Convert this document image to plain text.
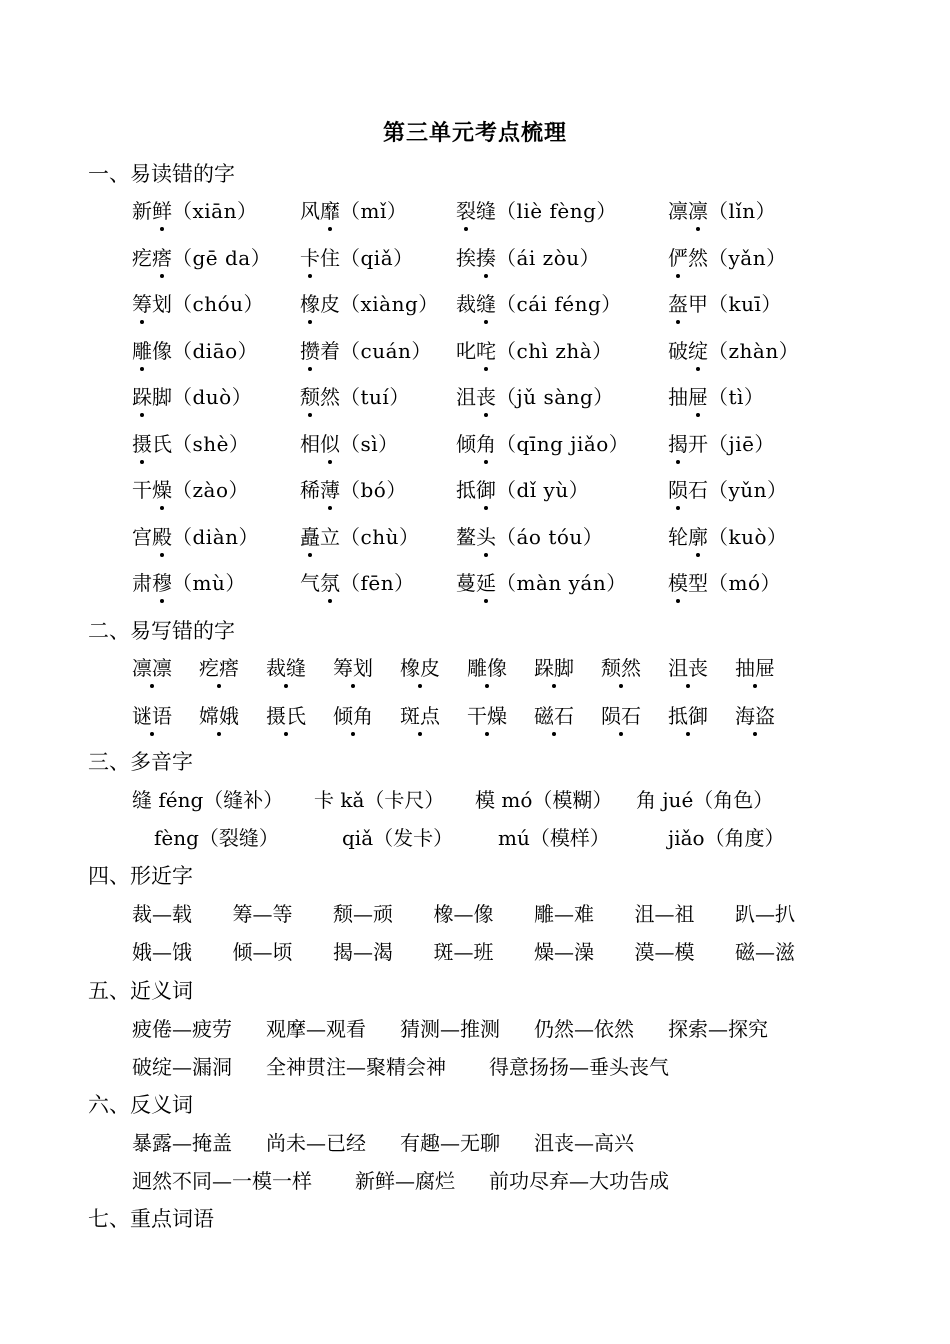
第三单元考点梳理
一、易读错的字
新鲜（xiān） 风靡（mǐ） 裂缝（liè fèng）	凛凛（lǐn）
疙瘩（gē da） 卡住（qiǎ） 挨揍（ái zòu）	俨然（yǎn）
筹划（chóu） 橡皮（xiàng） 裁缝（cái féng） 盔甲（kuī）
雕像（diāo） 攒着（cuán） 叱咤（chì zhà）	破绽（zhàn）
跺脚（duò） 颓然（tuí） 沮丧（jǔ sàng）	抽屉（tì）
摄氏（shè）	相似（sì）	倾角（qīng jiǎo） 揭开（jiē）
干燥（zào）	稀薄（bó） 抵御（dǐ yù）	陨石（yǔn）
宫殿（diàn） 矗立（chù） 鳌头（áo tóu）	轮廓（kuò）
肃穆（mù）	气氛（fēn） 蔓延（màn yán） 模型（mó）
二、易写错的字
凛凛 疙瘩 裁缝 筹划 橡皮 雕像 跺脚 颓然 沮丧 抽屉
谜语 嫦娥 摄氏 倾角 斑点 干燥 磁石 陨石 抵御 海盗
三、多音字
缝 féng（缝补） 卡 kǎ（卡尺） 模 mó（模糊） 角 jué（角色）
fèng（裂缝）	qiǎ（发卡） mú（模样）	jiǎo（角度）
四、形近字
裁—载 筹—等 颓—顽 橡—像 雕—难 沮—祖 趴—扒
娥—饿 倾—顷 揭—渴 斑—班 燥—澡 漠—模 磁—滋
五、近义词
疲倦—疲劳 观摩—观看 猜测—推测 仍然—依然 探索—探究
破绽—漏洞 全神贯注—聚精会神 得意扬扬—垂头丧气
六、反义词
暴露—掩盖 尚未—已经 有趣—无聊 沮丧—高兴
迥然不同—一模一样 新鲜—腐烂 前功尽弃—大功告成
七、重点词语
